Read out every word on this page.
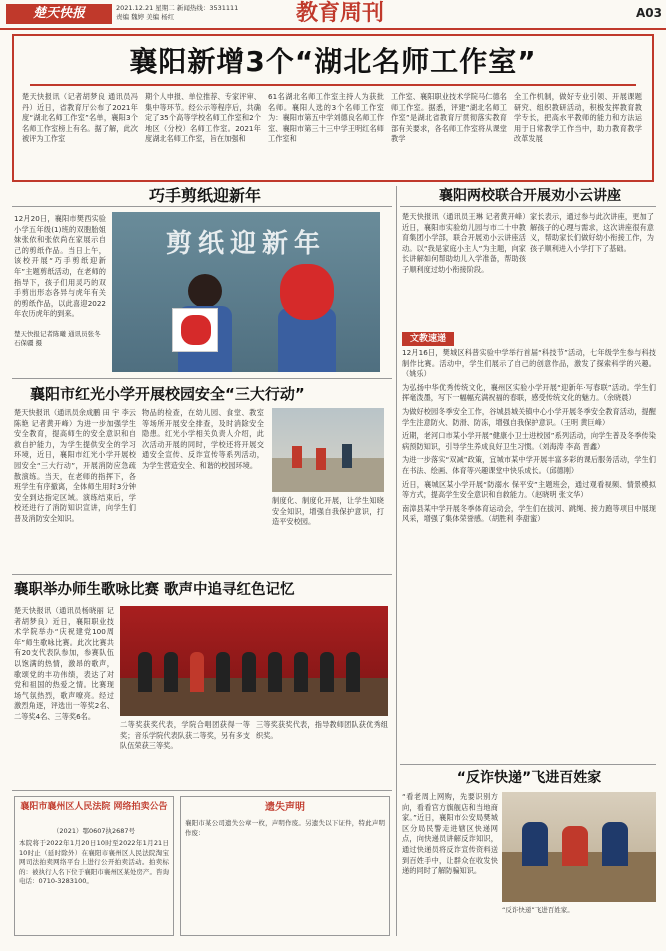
楚天快报	2021.12.21 星期二 新闻热线：3531111
责编 魏婷 美编 杨红	教育周刊	A03
襄阳新增3个“湖北名师工作室”
楚天快报讯（记者胡梦良 通讯员冯丹）近日，省教育厅公布了2021年度“湖北名师工作室”名单，襄阳3个名师工作室榜上有名。据了解，此次被评为工作室
期个人申报、单位推荐、专家评审、集中等环节。经公示等程序后，共确定了35个高等学校名师工作室和2个地区（分校）名师工作室。2021年度湖北名师工作室，旨在加强和
61名湖北名师工作室主持人为获批名师。襄阳人选的3个名师工作室为：襄阳市第五中学刘德良名师工作室、襄阳市第三十三中学王明红名师工作室和
工作室、襄阳职业技术学院马仁德名师工作室。据悉，评建“湖北名师工作室”是湖北省教育厅贯彻落实教育部有关要求，各名师工作室将从课堂教学
全工作机制，做好专业引领、开展课题研究、组织教研活动，积极发挥教育教学专长，把高水平教师的能力和方法运用于日常教学工作当中，助力教育教学改革发展
巧手剪纸迎新年
12月20日，襄阳市樊西实验小学五年级(1)班的双胞胎姐妹张依和张依尚在家展示自己的剪纸作品。当日上午，该校开展“巧手剪纸迎新年”主题剪纸活动，在老师的指导下，孩子们用灵巧的双手剪出形态各异与虎年有关的剪纸作品，以此喜迎2022年农历虎年的到来。
楚天快报记者陈曦 通讯员张冬 石保疆 摄
剪纸迎新年
襄阳两校联合开展劝小云讲座
楚天快报讯（通讯员王琳 记者黄开峰）近日，襄阳市实验幼儿园与市二十中教育集团小学部，联合开展劝小云讲座活动。以“我是家庭小主人”为主题，向家长讲解如何帮助幼儿入学准备，帮助孩子顺利度过幼小衔接阶段。
家长表示，通过参与此次讲座，更加了解孩子的心理与需求，这次讲座很有意义，帮助家长们做好幼小衔接工作，为孩子顺利进入小学打下了基础。
文教速递
12月16日，樊城区科普实验中学举行首届“科技节”活动，七年级学生参与科技制作比赛。活动中，学生们展示了自己的创意作品，激发了探索科学的兴趣。（姚乐）
为弘扬中华优秀传统文化，襄州区实验小学开展“迎新年·写春联”活动。学生们挥毫泼墨，写下一幅幅充满祝福的春联，感受传统文化的魅力。（余晓晨）
为做好校园冬季安全工作，谷城县城关镇中心小学开展冬季安全教育活动，提醒学生注意防火、防滑、防冻，增强自我保护意识。（王明 黄巨峰）
近期，老河口市某小学开展“健康小卫士进校园”系列活动，向学生普及冬季传染病预防知识，引导学生养成良好卫生习惯。（刘海涛 李高 晋鑫）
为进一步落实“双减”政策，宜城市某中学开展丰富多彩的课后服务活动，学生们在书法、绘画、体育等兴趣课堂中快乐成长。（邱德刚）
近日，襄城区某小学开展“防溺水 保平安”主题班会，通过观看视频、情景模拟等方式，提高学生安全意识和自救能力。（赵晓明 张文华）
南漳县某中学开展冬季体育运动会，学生们在拔河、跳绳、接力跑等项目中展现风采，增强了集体荣誉感。（胡胜利 李甜蜜）
襄阳市红光小学开展校园安全“三大行动”
楚天快报讯（通讯员余成鹏 田 宇 李云 陈艳 记者黄开峰）为进一步加强学生安全教育，提高师生的安全意识和自救自护能力，为学生提供安全的学习环境，近日，襄阳市红光小学开展校园安全“三大行动”，开展消防应急疏散演练。当天，在老师的指挥下，各班学生有序撤离，全体师生用时3分钟安全到达指定区域。演练结束后，学校还进行了消防知识宣讲，向学生们普及消防安全知识。
物品的检查，在幼儿园、食堂、教室等场所开展安全排查，及时消除安全隐患。红光小学相关负责人介绍，此次活动开展的同时，学校还将开展交通安全宣传、反诈宣传等系列活动，为学生营造安全、和谐的校园环境。
制度化、制度化开展，让学生知晓安全知识，增强自我保护意识，打造平安校园。
襄职举办师生歌咏比赛 歌声中追寻红色记忆
楚天快报讯（通讯员杨晓丽 记者胡梦良）近日，襄阳职业技术学院举办“庆祝建党100周年”师生歌咏比赛。此次比赛共有20支代表队参加，参赛队伍以饱满的热情，激昂的歌声，歌颂党的丰功伟绩，表达了对党和祖国的热爱之情。比赛现场气氛热烈，歌声嘹亮。经过激烈角逐，评选出一等奖2名、二等奖4名、三等奖6名。
二等奖获奖代表，学院合唱团获得一等奖；音乐学院代表队获二等奖，另有多支队伍荣获三等奖。
三等奖获奖代表，指导教师团队获优秀组织奖。
襄阳市襄州区人民法院 网络拍卖公告
（2021）鄂0607执2687号
本院将于2022年1月20日10时至2022年1月21日10时止（延时除外）在襄阳市襄州区人民法院淘宝网司法拍卖网络平台上进行公开拍卖活动。拍卖标的：被执行人名下位于襄阳市襄州区某处房产。咨询电话：0710-3283100。
遗失声明
襄阳市某公司遗失公章一枚，声明作废。另遗失以下证件，特此声明作废：
“反诈快递”飞进百姓家
“看老周上网购，先要识别方向，看看官方旗舰店和当地商家。”近日，襄阳市公安局樊城区分局民警走进辖区快递网点，向快递员讲解反诈知识，通过快递员将反诈宣传资料送到百姓手中，让群众在收发快递的同时了解防骗知识。
“反诈快递”飞进百姓家。
